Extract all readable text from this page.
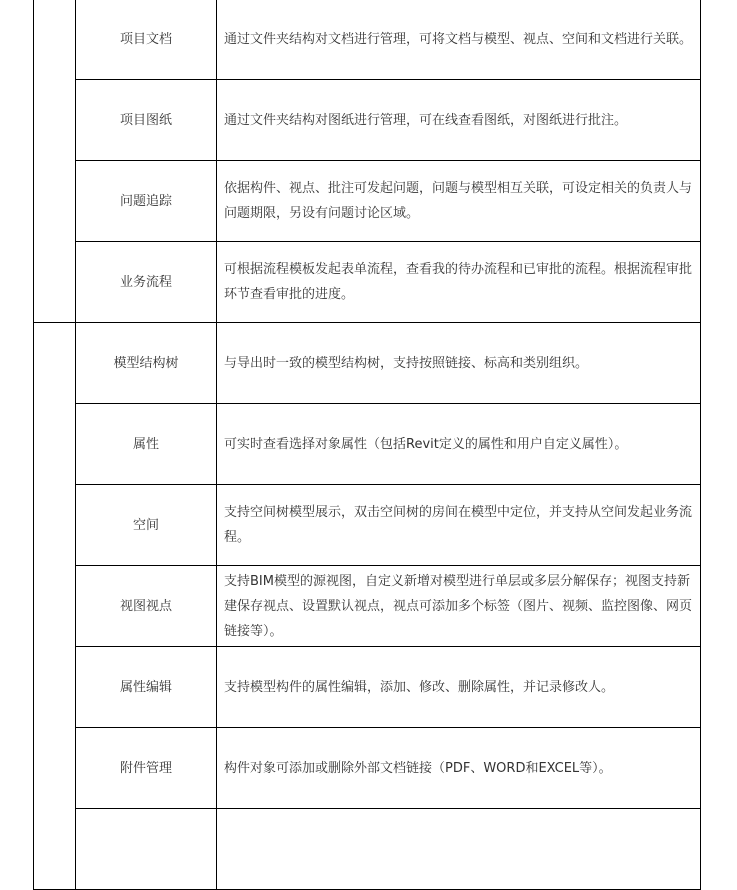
	项目文档	通过文件夹结构对文档进行管理，可将文档与模型、视点、空间和文档进行关联。
	项目图纸	通过文件夹结构对图纸进行管理，可在线查看图纸，对图纸进行批注。
	问题追踪	依据构件、视点、批注可发起问题，问题与模型相互关联，可设定相关的负责人与问题期限，另设有问题讨论区域。
	业务流程	可根据流程模板发起表单流程，查看我的待办流程和已审批的流程。根据流程审批环节查看审批的进度。
	模型结构树	与导出时一致的模型结构树，支持按照链接、标高和类别组织。
	属性	可实时查看选择对象属性（包括Revit定义的属性和用户自定义属性）。
	空间	支持空间树模型展示，双击空间树的房间在模型中定位，并支持从空间发起业务流程。
	视图视点	支持BIM模型的源视图，自定义新增对模型进行单层或多层分解保存；视图支持新建保存视点、设置默认视点，视点可添加多个标签（图片、视频、监控图像、网页链接等）。
	属性编辑	支持模型构件的属性编辑，添加、修改、删除属性，并记录修改人。
	附件管理	构件对象可添加或删除外部文档链接（PDF、WORD和EXCEL等）。
